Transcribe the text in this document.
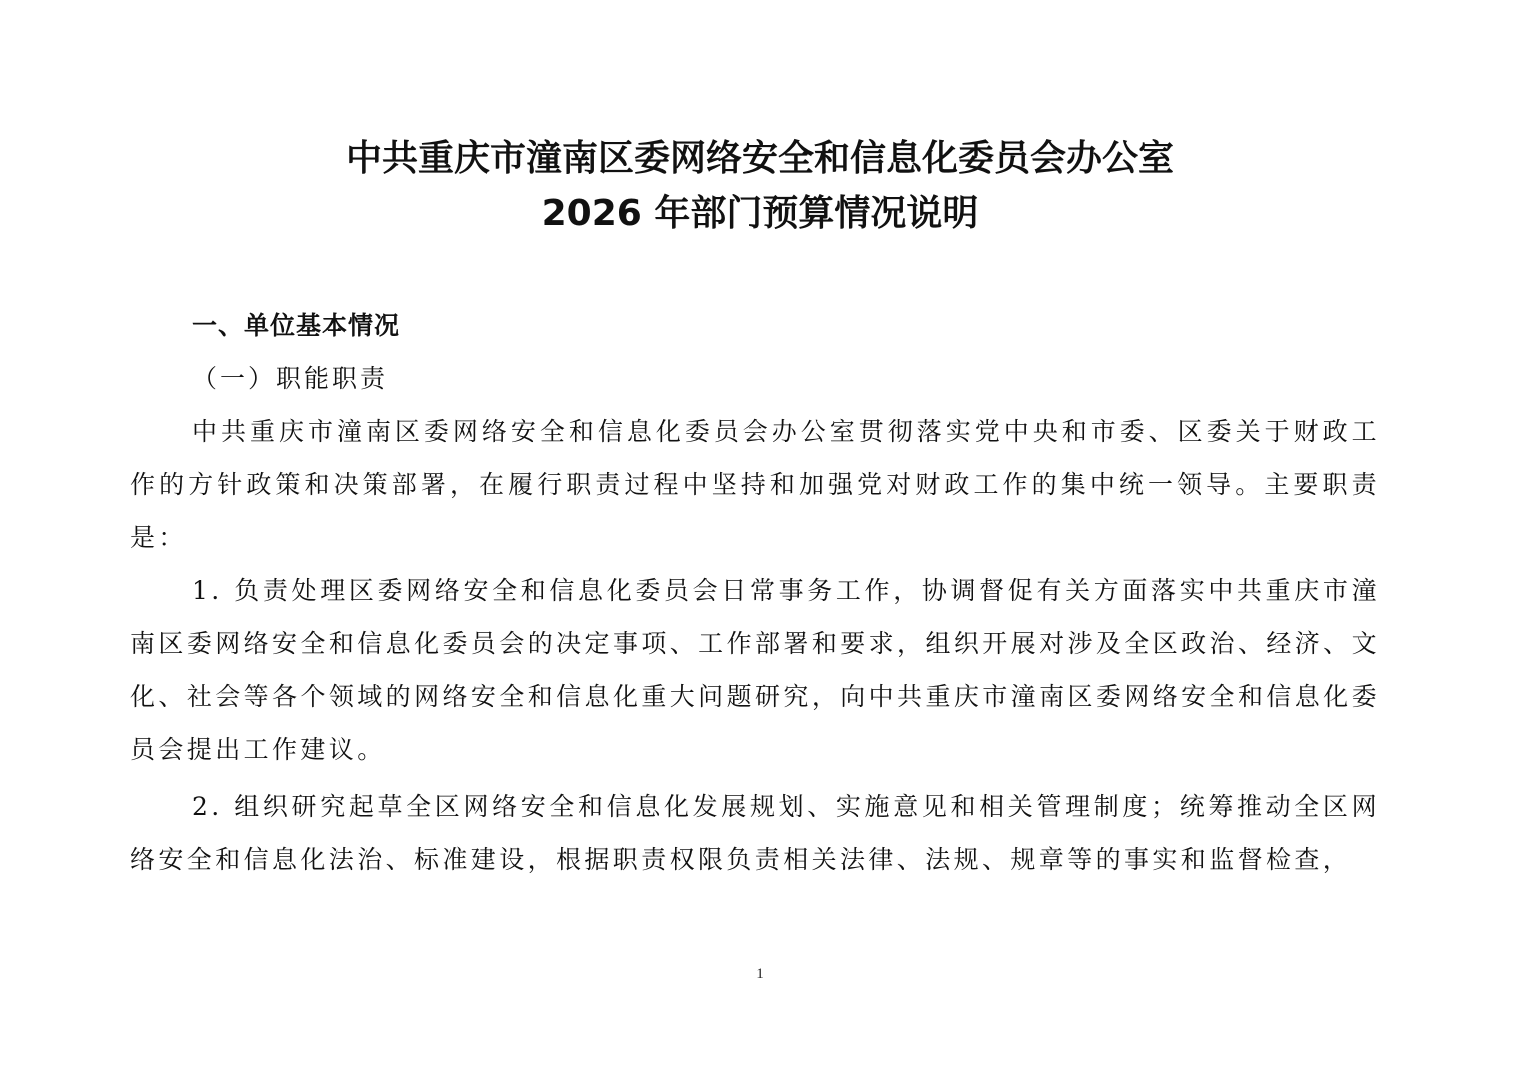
中共重庆市潼南区委网络安全和信息化委员会办公室
2026 年部门预算情况说明

一、单位基本情况

（一）职能职责

中共重庆市潼南区委网络安全和信息化委员会办公室贯彻落实党中央和市委、区委关于财政工作的方针政策和决策部署，在履行职责过程中坚持和加强党对财政工作的集中统一领导。主要职责是：

1. 负责处理区委网络安全和信息化委员会日常事务工作，协调督促有关方面落实中共重庆市潼南区委网络安全和信息化委员会的决定事项、工作部署和要求，组织开展对涉及全区政治、经济、文化、社会等各个领域的网络安全和信息化重大问题研究，向中共重庆市潼南区委网络安全和信息化委员会提出工作建议。

2. 组织研究起草全区网络安全和信息化发展规划、实施意见和相关管理制度；统筹推动全区网络安全和信息化法治、标准建设，根据职责权限负责相关法律、法规、规章等的事实和监督检查，

1
